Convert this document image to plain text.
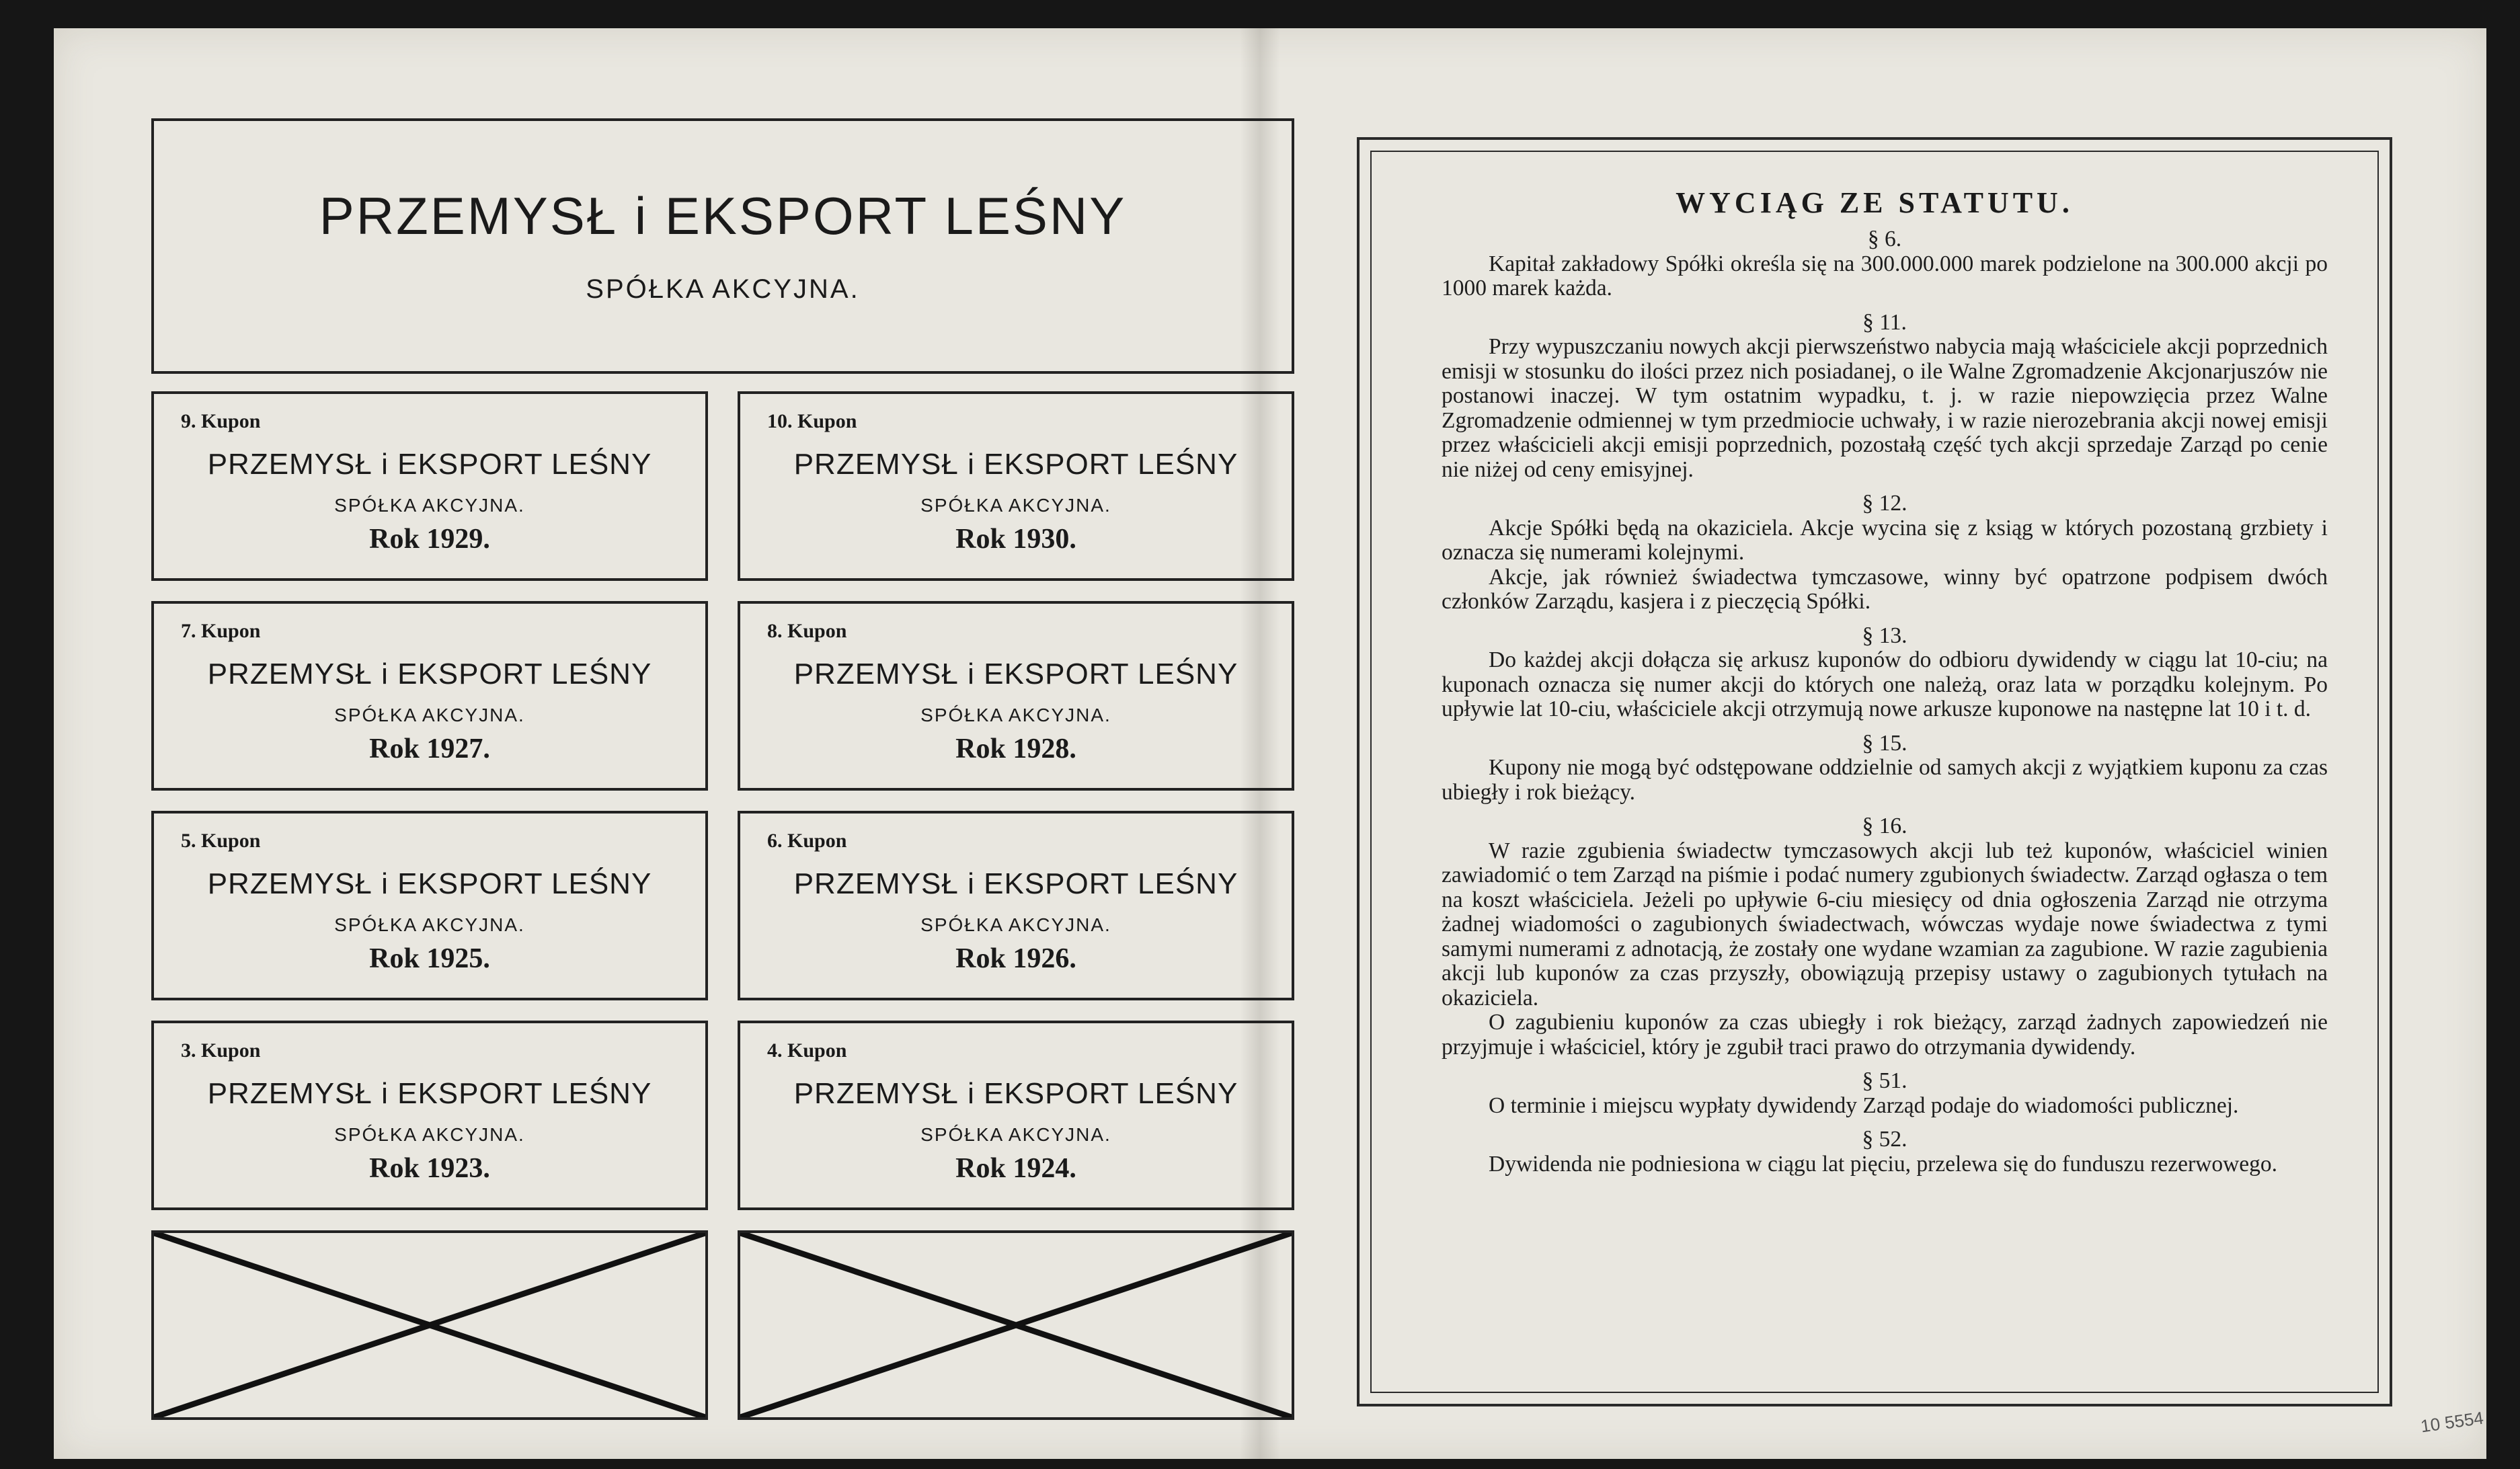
PRZEMYSŁ i EKSPORT LEŚNY
SPÓŁKA AKCYJNA.
9. Kupon
PRZEMYSŁ i EKSPORT LEŚNY
SPÓŁKA AKCYJNA.
Rok 1929.
10. Kupon
PRZEMYSŁ i EKSPORT LEŚNY
SPÓŁKA AKCYJNA.
Rok 1930.
7. Kupon
PRZEMYSŁ i EKSPORT LEŚNY
SPÓŁKA AKCYJNA.
Rok 1927.
8. Kupon
PRZEMYSŁ i EKSPORT LEŚNY
SPÓŁKA AKCYJNA.
Rok 1928.
5. Kupon
PRZEMYSŁ i EKSPORT LEŚNY
SPÓŁKA AKCYJNA.
Rok 1925.
6. Kupon
PRZEMYSŁ i EKSPORT LEŚNY
SPÓŁKA AKCYJNA.
Rok 1926.
3. Kupon
PRZEMYSŁ i EKSPORT LEŚNY
SPÓŁKA AKCYJNA.
Rok 1923.
4. Kupon
PRZEMYSŁ i EKSPORT LEŚNY
SPÓŁKA AKCYJNA.
Rok 1924.
WYCIĄG ZE STATUTU.
§ 6.

Kapitał zakładowy Spółki określa się na 300.000.000 marek podzielone na 300.000 akcji po 1000 marek każda.

§ 11.

Przy wypuszczaniu nowych akcji pierwszeństwo nabycia mają właściciele akcji poprzednich emisji w stosunku do ilości przez nich posiadanej, o ile Walne Zgromadzenie Akcjonarjuszów nie postanowi inaczej. W tym ostatnim wypadku, t. j. w razie niepowzięcia przez Walne Zgromadzenie odmiennej w tym przedmiocie uchwały, i w razie nierozebrania akcji nowej emisji przez właścicieli akcji emisji poprzednich, pozostałą część tych akcji sprzedaje Zarząd po cenie nie niżej od ceny emisyjnej.

§ 12.

Akcje Spółki będą na okaziciela. Akcje wycina się z ksiąg w których pozostaną grzbiety i oznacza się numerami kolejnymi.

Akcje, jak również świadectwa tymczasowe, winny być opatrzone podpisem dwóch członków Zarządu, kasjera i z pieczęcią Spółki.

§ 13.

Do każdej akcji dołącza się arkusz kuponów do odbioru dywidendy w ciągu lat 10-ciu; na kuponach oznacza się numer akcji do których one należą, oraz lata w porządku kolejnym. Po upływie lat 10-ciu, właściciele akcji otrzymują nowe arkusze kuponowe na następne lat 10 i t. d.

§ 15.

Kupony nie mogą być odstępowane oddzielnie od samych akcji z wyjątkiem kuponu za czas ubiegły i rok bieżący.

§ 16.

W razie zgubienia świadectw tymczasowych akcji lub też kuponów, właściciel winien zawiadomić o tem Zarząd na piśmie i podać numery zgubionych świadectw. Zarząd ogłasza o tem na koszt właściciela. Jeżeli po upływie 6-ciu miesięcy od dnia ogłoszenia Zarząd nie otrzyma żadnej wiadomości o zagubionych świadectwach, wówczas wydaje nowe świadectwa z tymi samymi numerami z adnotacją, że zostały one wydane wzamian za zagubione. W razie zagubienia akcji lub kuponów za czas przyszły, obowiązują przepisy ustawy o zagubionych tytułach na okaziciela.

O zagubieniu kuponów za czas ubiegły i rok bieżący, zarząd żadnych zapowiedzeń nie przyjmuje i właściciel, który je zgubił traci prawo do otrzymania dywidendy.

§ 51.

O terminie i miejscu wypłaty dywidendy Zarząd podaje do wiadomości publicznej.

§ 52.

Dywidenda nie podniesiona w ciągu lat pięciu, przelewa się do funduszu rezerwowego.

10 5554
